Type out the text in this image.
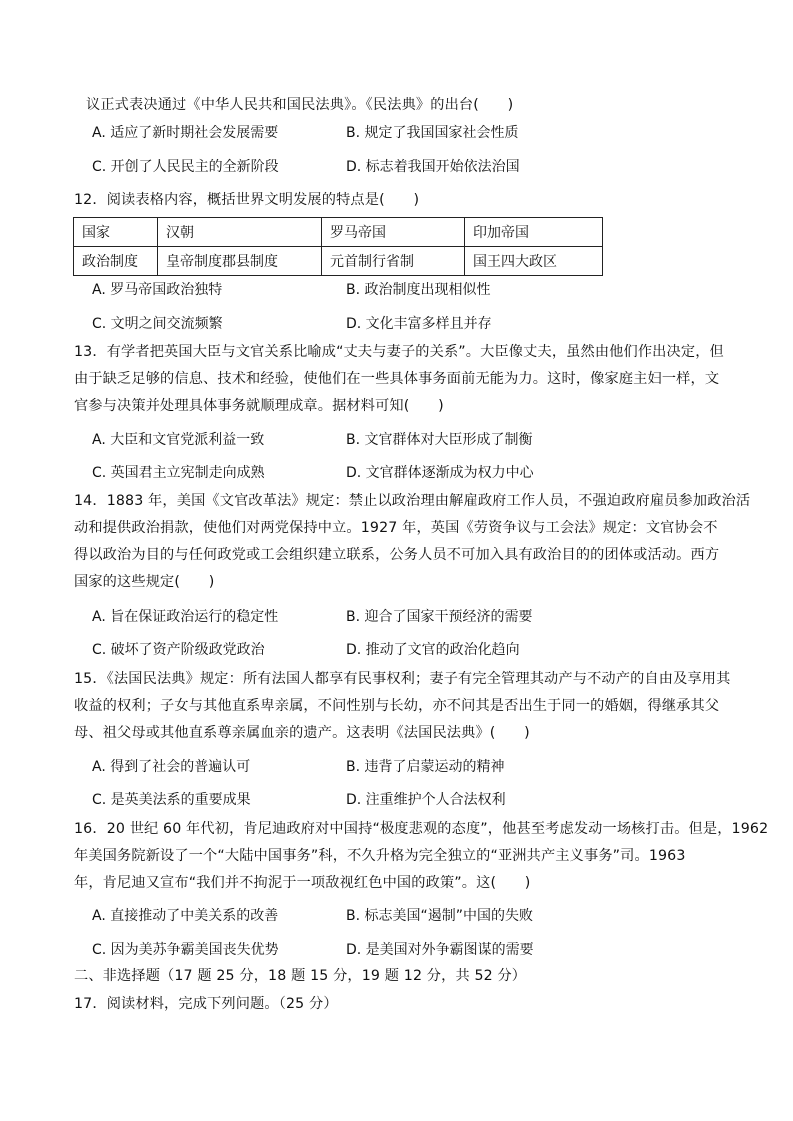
议正式表决通过《中华人民共和国民法典》。《民法典》的出台(　　)
A. 适应了新时期社会发展需要	B. 规定了我国国家社会性质
C. 开创了人民民主的全新阶段	D. 标志着我国开始依法治国
12．阅读表格内容，概括世界文明发展的特点是(　　)
国家	汉朝	罗马帝国	印加帝国
政治制度	皇帝制度郡县制度	元首制行省制	国王四大政区
A. 罗马帝国政治独特	B. 政治制度出现相似性
C. 文明之间交流频繁	D. 文化丰富多样且并存
13．有学者把英国大臣与文官关系比喻成“丈夫与妻子的关系”。大臣像丈夫，虽然由他们作出决定，但
由于缺乏足够的信息、技术和经验，使他们在一些具体事务面前无能为力。这时，像家庭主妇一样，文
官参与决策并处理具体事务就顺理成章。据材料可知(　　)
A. 大臣和文官党派利益一致	B. 文官群体对大臣形成了制衡
C. 英国君主立宪制走向成熟	D. 文官群体逐渐成为权力中心
14．1883 年，美国《文官改革法》规定：禁止以政治理由解雇政府工作人员，不强迫政府雇员参加政治活
动和提供政治捐款，使他们对两党保持中立。1927 年，英国《劳资争议与工会法》规定：文官协会不
得以政治为目的与任何政党或工会组织建立联系，公务人员不可加入具有政治目的的团体或活动。西方
国家的这些规定(　　)
A. 旨在保证政治运行的稳定性	B. 迎合了国家干预经济的需要
C. 破坏了资产阶级政党政治	D. 推动了文官的政治化趋向
15．《法国民法典》规定：所有法国人都享有民事权利；妻子有完全管理其动产与不动产的自由及享用其
收益的权利；子女与其他直系卑亲属，不问性别与长幼，亦不问其是否出生于同一的婚姻，得继承其父
母、祖父母或其他直系尊亲属血亲的遗产。这表明《法国民法典》(　　)
A. 得到了社会的普遍认可	B. 违背了启蒙运动的精神
C. 是英美法系的重要成果	D. 注重维护个人合法权利
16．20 世纪 60 年代初，肯尼迪政府对中国持“极度悲观的态度”，他甚至考虑发动一场核打击。但是，1962
年美国务院新设了一个“大陆中国事务”科，不久升格为完全独立的“亚洲共产主义事务”司。1963
年，肯尼迪又宣布“我们并不拘泥于一项敌视红色中国的政策”。这(　　)
A. 直接推动了中美关系的改善	B. 标志美国“遏制”中国的失败
C. 因为美苏争霸美国丧失优势	D. 是美国对外争霸图谋的需要
二、非选择题（17 题 25 分，18 题 15 分，19 题 12 分，共 52 分）
17．阅读材料，完成下列问题。（25 分）
